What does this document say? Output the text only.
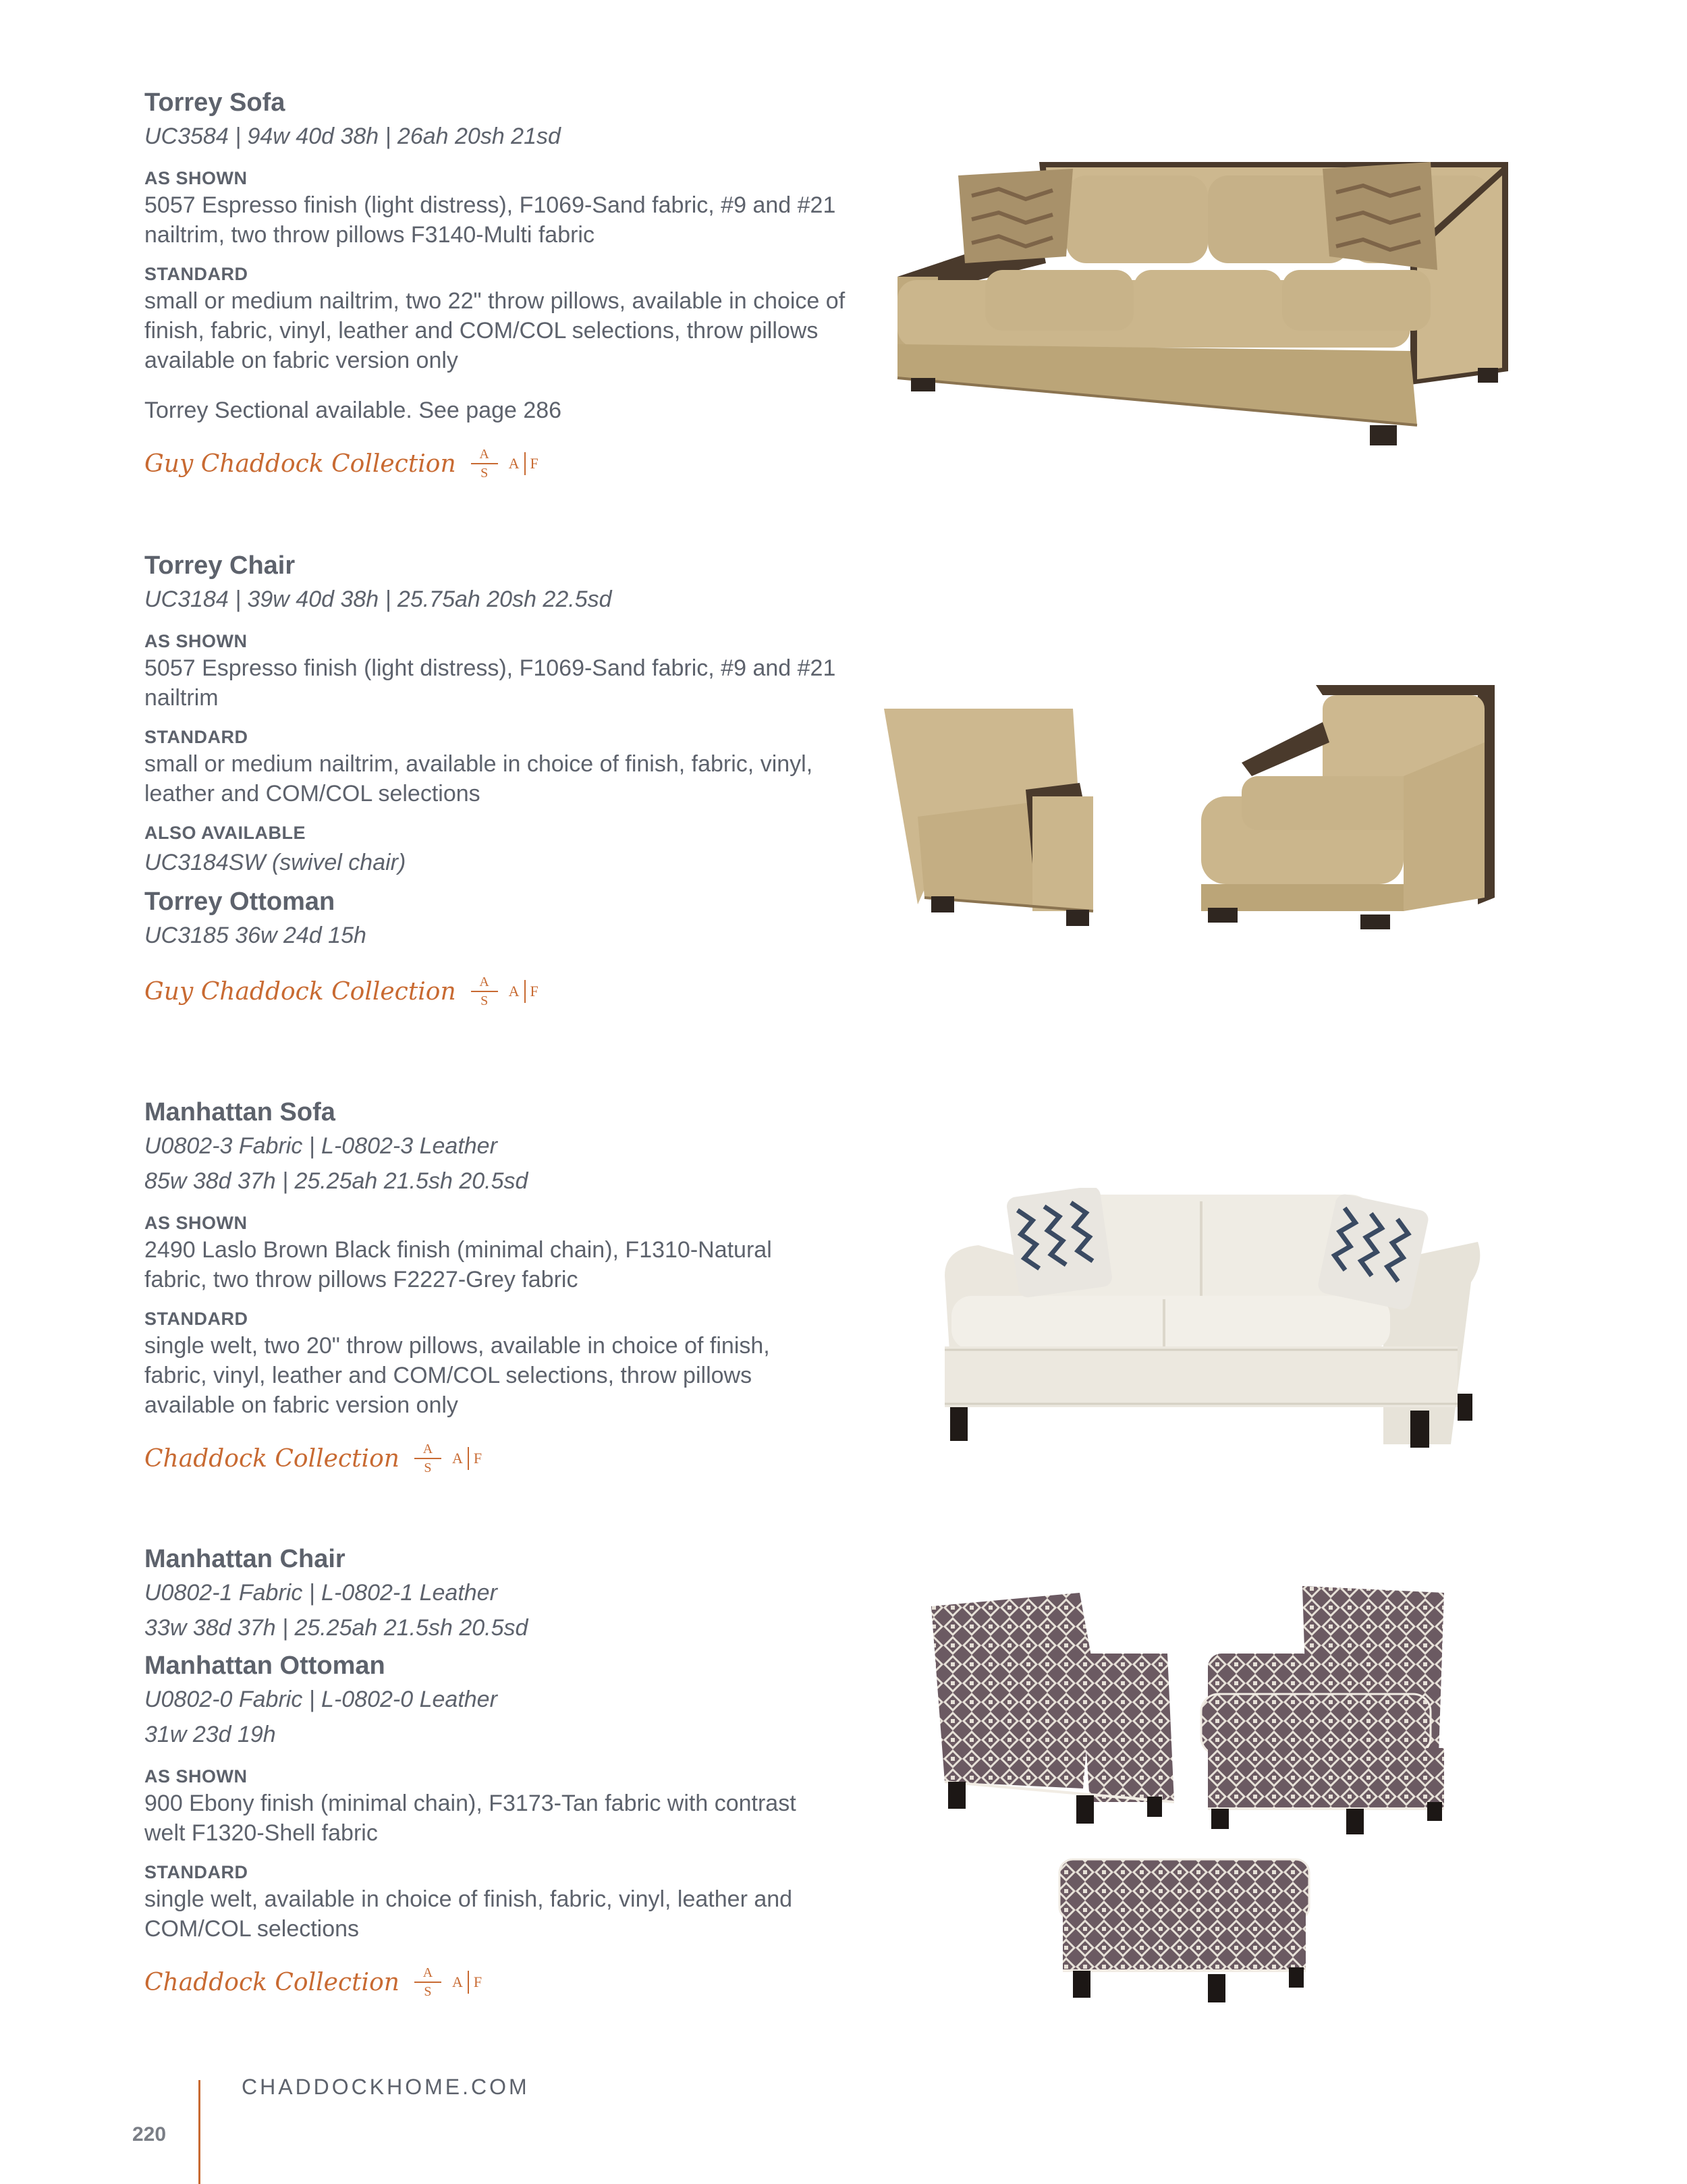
Torrey Sofa

UC3584 | 94w 40d 38h | 26ah 20sh 21sd

AS SHOWN
5057 Espresso finish (light distress), F1069-Sand fabric, #9 and #21 nailtrim, two throw pillows F3140-Multi fabric
STANDARD
small or medium nailtrim, two 22" throw pillows, available in choice of finish, fabric, vinyl, leather and COM/COL selections, throw pillows available on fabric version only
Torrey Sectional available. See page 286
Guy Chaddock Collection $\frac{A}{S}$ A F

Torrey Chair

UC3184 | 39w 40d 38h | 25.75ah 20sh 22.5sd

AS SHOWN
5057 Espresso finish (light distress), F1069-Sand fabric, #9 and #21 nailtrim
STANDARD
small or medium nailtrim, available in choice of finish, fabric, vinyl, leather and COM/COL selections
ALSO AVAILABLE

UC3184SW (swivel chair)

Torrey Ottoman

UC3185 36w 24d 15h

Guy Chaddock Collection $\frac{A}{S}$ A F

Manhattan Sofa

U0802-3 Fabric | L-0802-3 Leather

85w 38d 37h | 25.25ah 21.5sh 20.5sd

AS SHOWN
2490 Laslo Brown Black finish (minimal chain), F1310-Natural fabric, two throw pillows F2227-Grey fabric
STANDARD
single welt, two 20" throw pillows, available in choice of finish, fabric, vinyl, leather and COM/COL selections, throw pillows available on fabric version only
Chaddock Collection $\frac{A}{S}$ A F

Manhattan Chair

U0802-1 Fabric | L-0802-1 Leather

33w 38d 37h | 25.25ah 21.5sh 20.5sd

Manhattan Ottoman

U0802-0 Fabric | L-0802-0 Leather

31w 23d 19h

AS SHOWN
900 Ebony finish (minimal chain), F3173-Tan fabric with contrast welt F1320-Shell fabric
STANDARD
single welt, available in choice of finish, fabric, vinyl, leather and COM/COL selections
Chaddock Collection $\frac{A}{S}$ A F
CHADDOCKHOME.COM
220
